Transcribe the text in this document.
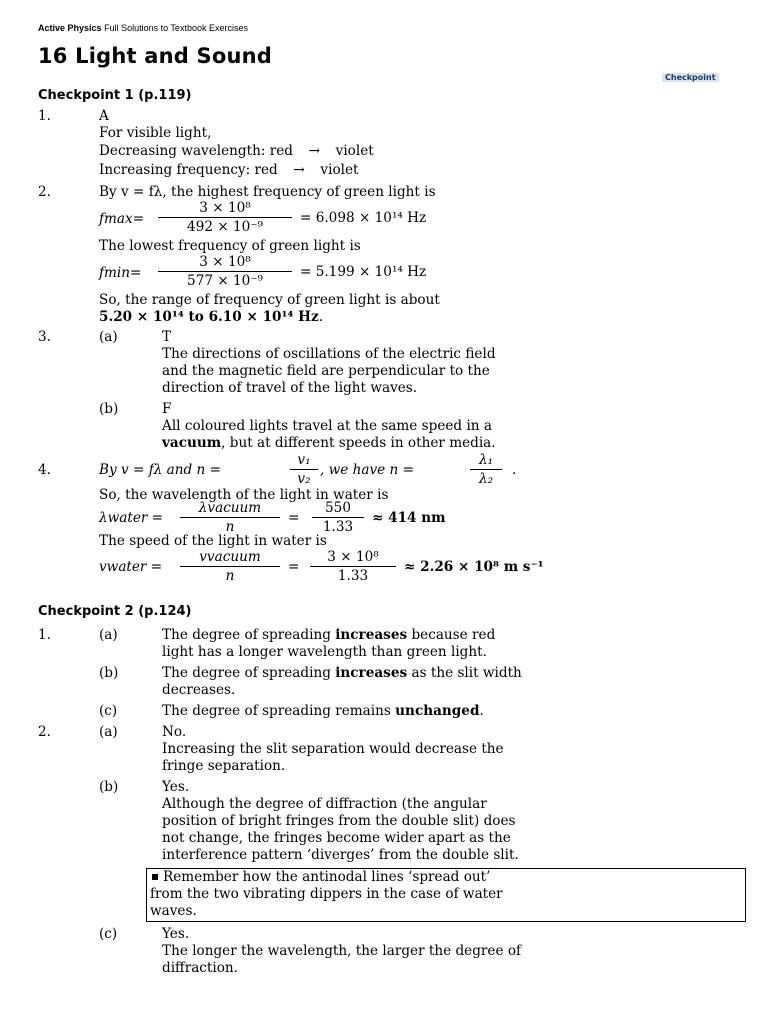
Active Physics Full Solutions to Textbook Exercises
16 Light and Sound
Checkpoint
Checkpoint 1 (p.119)
1.	A
For visible light,
Decreasing wavelength: red → violet
Increasing frequency: red → violet
2.	By v = fλ, the highest frequency of green light is
fmax=
3 × 10⁸
492 × 10⁻⁹
= 6.098 × 10¹⁴ Hz
The lowest frequency of green light is
fmin=
3 × 10⁸
577 × 10⁻⁹
= 5.199 × 10¹⁴ Hz
So, the range of frequency of green light is about
5.20 × 10¹⁴ to 6.10 × 10¹⁴ Hz.
3.	(a)	T
The directions of oscillations of the electric field
and the magnetic field are perpendicular to the
direction of travel of the light waves.
(b)	F
All coloured lights travel at the same speed in a
vacuum, but at different speeds in other media.
4.	By v = fλ and n =
v₁
v₂
, we have n =
λ₁
λ₂
.
So, the wavelength of the light in water is
λwater =
λvacuum
n
=
550
1.33
≈ 414 nm
The speed of the light in water is
vwater =
vvacuum
n
=
3 × 10⁸
1.33
≈ 2.26 × 10⁸ m s⁻¹
Checkpoint 2 (p.124)
1.	(a)	The degree of spreading increases because red
light has a longer wavelength than green light.
(b)	The degree of spreading increases as the slit width
decreases.
(c)	The degree of spreading remains unchanged.
2.	(a)	No.
Increasing the slit separation would decrease the
fringe separation.
(b)	Yes.
Although the degree of diffraction (the angular
position of bright fringes from the double slit) does
not change, the fringes become wider apart as the
interference pattern ‘diverges’ from the double slit.
Remember how the antinodal lines ‘spread out’
from the two vibrating dippers in the case of water
waves.
(c)	Yes.
The longer the wavelength, the larger the degree of
diffraction.
